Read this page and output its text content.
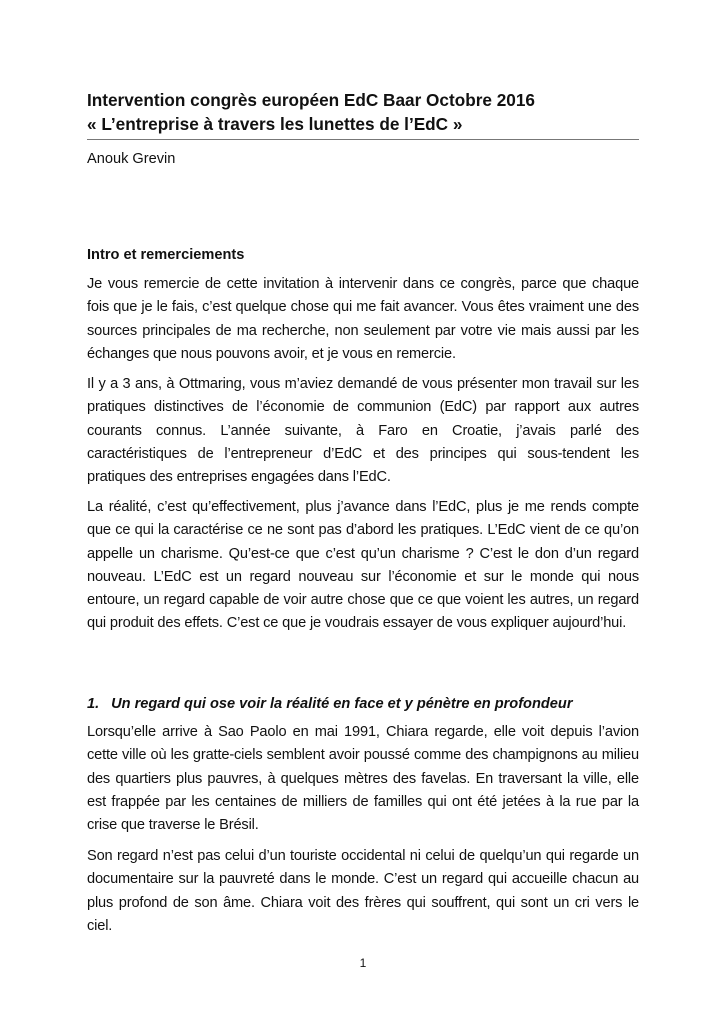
Intervention congrès européen EdC Baar Octobre 2016
« L’entreprise à travers les lunettes de l’EdC »
Anouk Grevin
Intro et remerciements

Je vous remercie de cette invitation à intervenir dans ce congrès, parce que chaque fois que je le fais, c’est quelque chose qui me fait avancer. Vous êtes vraiment une des sources principales de ma recherche, non seulement par votre vie mais aussi par les échanges que nous pouvons avoir, et je vous en remercie.

Il y a 3 ans, à Ottmaring, vous m’aviez demandé de vous présenter mon travail sur les pratiques distinctives de l’économie de communion (EdC) par rapport aux autres courants connus. L’année suivante, à Faro en Croatie, j’avais parlé des caractéristiques de l’entrepreneur d’EdC et des principes qui sous-tendent les pratiques des entreprises engagées dans l’EdC.

La réalité, c’est qu’effectivement, plus j’avance dans l’EdC, plus je me rends compte que ce qui la caractérise ce ne sont pas d’abord les pratiques. L’EdC vient de ce qu’on appelle un charisme. Qu’est-ce que c’est qu’un charisme ? C’est le don d’un regard nouveau. L’EdC est un regard nouveau sur l’économie et sur le monde qui nous entoure, un regard capable de voir autre chose que ce que voient les autres, un regard qui produit des effets. C’est ce que je voudrais essayer de vous expliquer aujourd’hui.

1. Un regard qui ose voir la réalité en face et y pénètre en profondeur

Lorsqu’elle arrive à Sao Paolo en mai 1991, Chiara regarde, elle voit depuis l’avion cette ville où les gratte-ciels semblent avoir poussé comme des champignons au milieu des quartiers plus pauvres, à quelques mètres des favelas. En traversant la ville, elle est frappée par les centaines de milliers de familles qui ont été jetées à la rue par la crise que traverse le Brésil.

Son regard n’est pas celui d’un touriste occidental ni celui de quelqu’un qui regarde un documentaire sur la pauvreté dans le monde. C’est un regard qui accueille chacun au plus profond de son âme. Chiara voit des frères qui souffrent, qui sont un cri vers le ciel.

1
